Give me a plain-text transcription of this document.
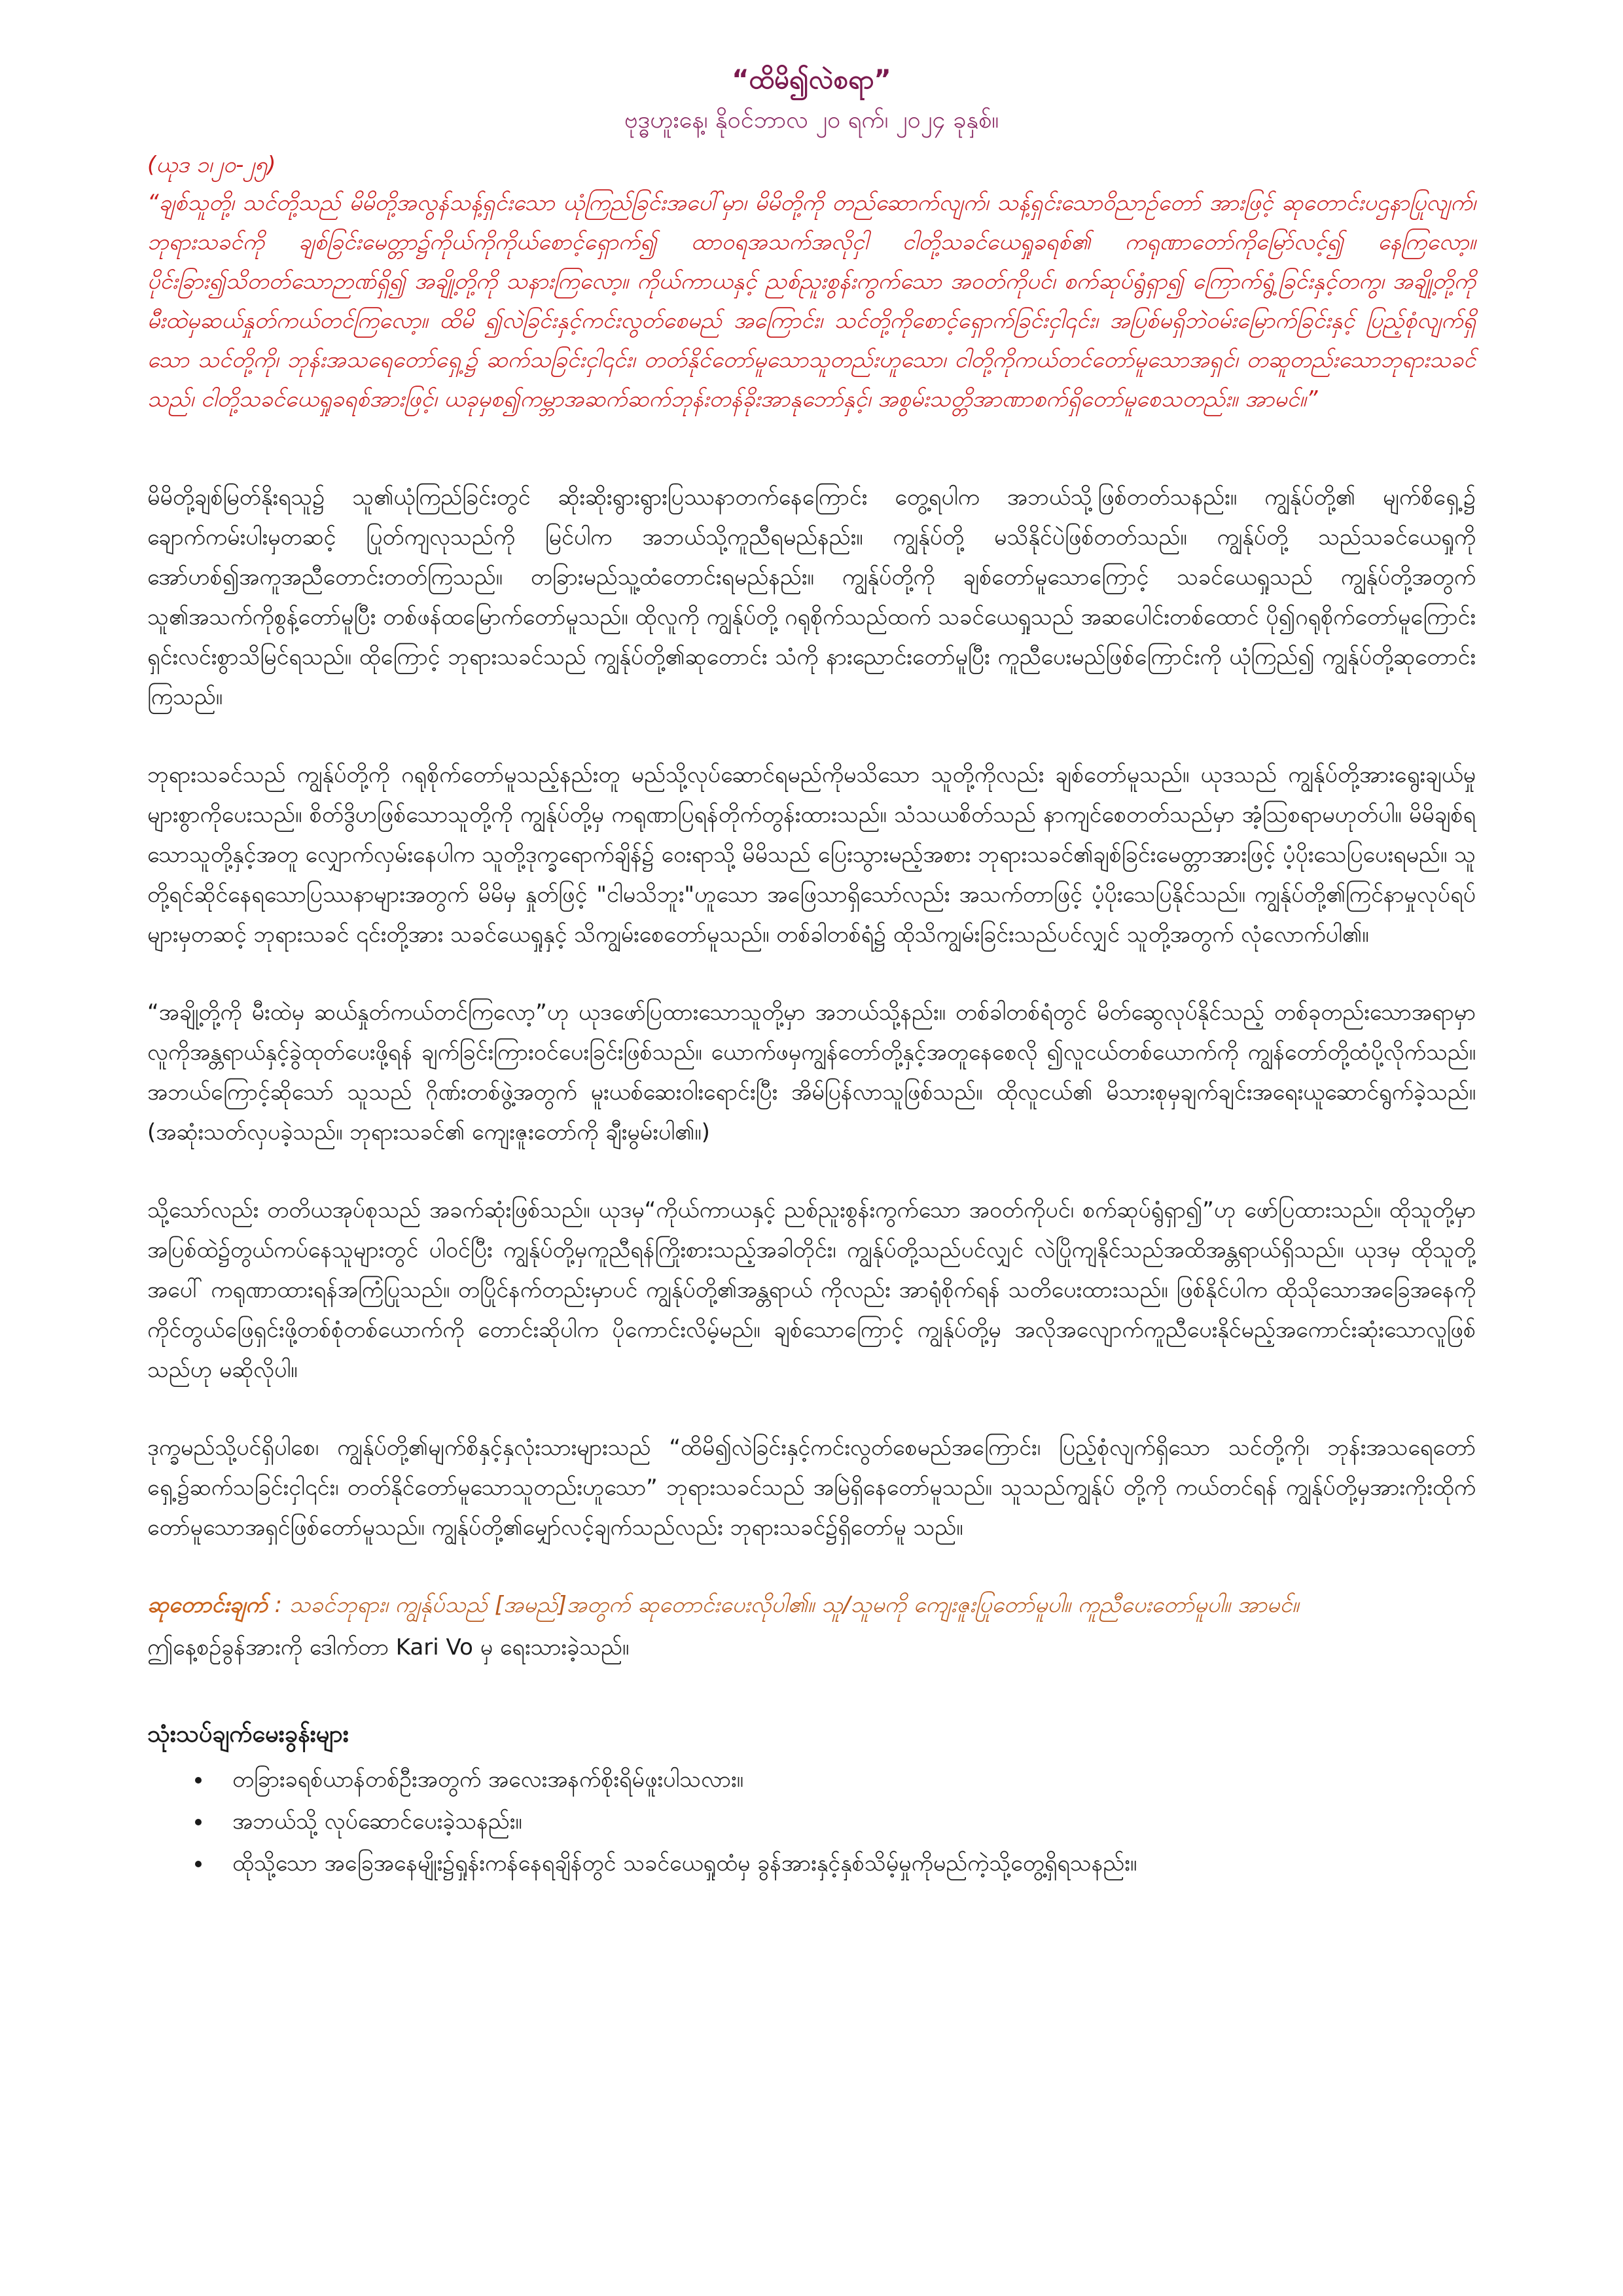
“ထိမိ၍လဲစရာ”
ဗုဒ္ဓဟူးနေ့၊ နိုဝင်ဘာလ ၂၀ ရက်၊ ၂၀၂၄ ခုနှစ်။
(ယုဒ ၁၊၂၀-၂၅)
“ချစ်သူတို့၊ သင်တို့သည် မိမိတို့အလွန်သန့်ရှင်းသော ယုံကြည်ခြင်းအပေါ်မှာ၊ မိမိတို့ကို တည်ဆောက်လျက်၊ သန့်ရှင်းသောဝိညာဉ်တော် အားဖြင့် ဆုတောင်းပဌနာပြုလျက်၊ ဘုရားသခင်ကို ချစ်ခြင်းမေတ္တာ၌ကိုယ်ကိုကိုယ်စောင့်ရှောက်၍ ထာဝရအသက်အလိုငှါ ငါတို့သခင်ယေရှုခရစ်၏ ကရုဏာတော်ကိုမြော်လင့်၍ နေကြလော့။ ပိုင်းခြား၍သိတတ်သောဉာဏ်ရှိ၍ အချို့တို့ကို သနားကြလော့။ ကိုယ်ကာယနှင့် ညစ်ညူးစွန်းကွက်သော အဝတ်ကိုပင်၊ စက်ဆုပ်ရွံရှာ၍ ကြောက်ရွံ့ခြင်းနှင့်တကွ၊ အချို့တို့ကို မီးထဲမှဆယ်နှုတ်ကယ်တင်ကြလော့။ ထိမိ ၍လဲခြင်းနှင့်ကင်းလွတ်စေမည် အကြောင်း၊ သင်တို့ကိုစောင့်ရှောက်ခြင်းငှါ၎င်း၊ အပြစ်မရှိဘဲဝမ်းမြောက်ခြင်းနှင့် ပြည့်စုံလျက်ရှိသော သင်တို့ကို၊ ဘုန်းအသရေတော်ရှေ့၌ ဆက်သခြင်းငှါ၎င်း၊ တတ်နိုင်တော်မူသောသူတည်းဟူသော၊ ငါတို့ကိုကယ်တင်တော်မူသောအရှင်၊ တဆူတည်းသောဘုရားသခင်သည်၊ ငါတို့သခင်ယေရှုခရစ်အားဖြင့်၊ ယခုမှစ၍ကမ္ဘာအဆက်ဆက်ဘုန်းတန်ခိုးအာနုဘော်နှင့်၊ အစွမ်းသတ္တိအာဏာစက်ရှိတော်မူစေသတည်း။ အာမင်။”

မိမိတို့ချစ်မြတ်နိုးရသူ၌ သူ၏ယုံကြည်ခြင်းတွင် ဆိုးဆိုးရွားရွားပြဿနာတက်နေကြောင်း တွေ့ရပါက အဘယ်သို့ဖြစ်တတ်သနည်း။ ကျွန်ုပ်တို့၏ မျက်စိရှေ့၌ ချောက်ကမ်းပါးမှတဆင့် ပြုတ်ကျလုသည်ကို မြင်ပါက အဘယ်သို့ကူညီရမည်နည်း။ ကျွန်ုပ်တို့ မသိနိုင်ပဲဖြစ်တတ်သည်။ ကျွန်ုပ်တို့ သည်သခင်ယေရှုကိုအော်ဟစ်၍အကူအညီတောင်းတတ်ကြသည်။ တခြားမည်သူ့ထံတောင်းရမည်နည်း။ ကျွန်ုပ်တို့ကို ချစ်တော်မူသောကြောင့် သခင်ယေရှုသည် ကျွန်ုပ်တို့အတွက် သူ၏အသက်ကိုစွန့်တော်မူပြီး တစ်ဖန်ထမြောက်တော်မူသည်။ ထိုလူကို ကျွန်ုပ်တို့ ဂရုစိုက်သည်ထက် သခင်ယေရှုသည် အဆပေါင်းတစ်ထောင် ပို၍ဂရုစိုက်တော်မူကြောင်း ရှင်းလင်းစွာသိမြင်ရသည်။ ထိုကြောင့် ဘုရားသခင်သည် ကျွန်ုပ်တို့၏ဆုတောင်း သံကို နားညောင်းတော်မူပြီး ကူညီပေးမည်ဖြစ်ကြောင်းကို ယုံကြည်၍ ကျွန်ုပ်တို့ဆုတောင်းကြသည်။

ဘုရားသခင်သည် ကျွန်ုပ်တို့ကို ဂရုစိုက်တော်မူသည့်နည်းတူ မည်သို့လုပ်ဆောင်ရမည်ကိုမသိသော သူတို့ကိုလည်း ချစ်တော်မူသည်။ ယုဒသည် ကျွန်ုပ်တို့အားရွေးချယ်မှုများစွာကိုပေးသည်။ စိတ်ဒွိဟဖြစ်သောသူတို့ကို ကျွန်ုပ်တို့မှ ကရုဏာပြရန်တိုက်တွန်းထားသည်။ သံသယစိတ်သည် နာကျင်စေတတ်သည်မှာ အံ့သြစရာမဟုတ်ပါ။ မိမိချစ်ရသောသူတို့နှင့်အတူ လျှောက်လှမ်းနေပါက သူတို့ဒုက္ခရောက်ချိန်၌ ဝေးရာသို့ မိမိသည် ပြေးသွားမည့်အစား ဘုရားသခင်၏ချစ်ခြင်းမေတ္တာအားဖြင့် ပံ့ပိုးသေပြပေးရမည်။ သူတို့ရင်ဆိုင်နေရသောပြဿနာများအတွက် မိမိမှ နှုတ်ဖြင့် "ငါမသိဘူး"ဟူသော အဖြေသာရှိသော်လည်း အသက်တာဖြင့် ပံ့ပိုးသေပြနိုင်သည်။ ကျွန်ုပ်တို့၏ကြင်နာမှုလုပ်ရပ်များမှတဆင့် ဘုရားသခင် ၎င်းတို့အား သခင်ယေရှုနှင့် သိကျွမ်းစေတော်မူသည်။ တစ်ခါတစ်ရံ၌ ထိုသိကျွမ်းခြင်းသည်ပင်လျှင် သူတို့အတွက် လုံလောက်ပါ၏။

“အချို့တို့ကို မီးထဲမှ ဆယ်နှုတ်ကယ်တင်ကြလော့”ဟု ယုဒဖော်ပြထားသောသူတို့မှာ အဘယ်သို့နည်း။ တစ်ခါတစ်ရံတွင် မိတ်ဆွေလုပ်နိုင်သည့် တစ်ခုတည်းသောအရာမှာ လူကိုအန္တရာယ်နှင့်ခွဲထုတ်ပေးဖို့ရန် ချက်ခြင်းကြားဝင်ပေးခြင်းဖြစ်သည်။ ယောက်ဖမှကျွန်တော်တို့နှင့်အတူနေစေလို ၍လူငယ်တစ်ယောက်ကို ကျွန်တော်တို့ထံပို့လိုက်သည်။ အဘယ်ကြောင့်ဆိုသော် သူသည် ဂိုဏ်းတစ်ဖွဲ့အတွက် မူးယစ်ဆေးဝါးရောင်းပြီး အိမ်ပြန်လာသူဖြစ်သည်။ ထိုလူငယ်၏ မိသားစုမှချက်ချင်းအရေးယူဆောင်ရွက်ခဲ့သည်။ (အဆုံးသတ်လှပခဲ့သည်။ ဘုရားသခင်၏ ကျေးဇူးတော်ကို ချီးမွမ်းပါ၏။)

သို့သော်လည်း တတိယအုပ်စုသည် အခက်ဆုံးဖြစ်သည်။ ယုဒမှ“ကိုယ်ကာယနှင့် ညစ်ညူးစွန်းကွက်သော အဝတ်ကိုပင်၊ စက်ဆုပ်ရွံရှာ၍”ဟု ဖော်ပြထားသည်။ ထိုသူတို့မှာ အပြစ်ထဲ၌တွယ်ကပ်နေသူများတွင် ပါဝင်ပြီး ကျွန်ုပ်တို့မှကူညီရန်ကြိုးစားသည့်အခါတိုင်း၊ ကျွန်ုပ်တို့သည်ပင်လျှင် လဲပြိုကျနိုင်သည်အထိအန္တရာယ်ရှိသည်။ ယုဒမှ ထိုသူတို့အပေါ် ကရုဏာထားရန်အကြံပြုသည်။ တပြိုင်နက်တည်းမှာပင် ကျွန်ုပ်တို့၏အန္တရာယ် ကိုလည်း အာရုံစိုက်ရန် သတိပေးထားသည်။ ဖြစ်နိုင်ပါက ထိုသိုသောအခြေအနေကို ကိုင်တွယ်ဖြေရှင်းဖို့တစ်စုံတစ်ယောက်ကို တောင်းဆိုပါက ပိုကောင်းလိမ့်မည်။ ချစ်သောကြောင့် ကျွန်ုပ်တို့မှ အလိုအလျောက်ကူညီပေးနိုင်မည့်အကောင်းဆုံးသောလူဖြစ်သည်ဟု မဆိုလိုပါ။

ဒုက္ခမည်သို့ပင်ရှိပါစေ၊ ကျွန်ုပ်တို့၏မျက်စိနှင့်နှလုံးသားများသည် “ထိမိ၍လဲခြင်းနှင့်ကင်းလွတ်စေမည်အကြောင်း၊ ပြည့်စုံလျက်ရှိသော သင်တို့ကို၊ ဘုန်းအသရေတော်ရှေ့၌ဆက်သခြင်းငှါ၎င်း၊ တတ်နိုင်တော်မူသောသူတည်းဟူသော” ဘုရားသခင်သည် အမြဲရှိနေတော်မူသည်။ သူသည်ကျွန်ုပ် တို့ကို ကယ်တင်ရန် ကျွန်ုပ်တို့မှအားကိုးထိုက်တော်မူသောအရှင်ဖြစ်တော်မူသည်။ ကျွန်ုပ်တို့၏မျှော်လင့်ချက်သည်လည်း ဘုရားသခင်၌ရှိတော်မူ သည်။

ဆုတောင်းချက် : သခင်ဘုရား၊ ကျွန်ုပ်သည် [အမည်]အတွက် ဆုတောင်းပေးလိုပါ၏။ သူ/သူမကို ကျေးဇူးပြုတော်မူပါ။ ကူညီပေးတော်မူပါ။ အာမင်။
ဤနေ့စဉ်ခွန်အားကို ဒေါက်တာ Kari Vo မှ ရေးသားခဲ့သည်။
သုံးသပ်ချက်မေးခွန်းများ
• တခြားခရစ်ယာန်တစ်ဦးအတွက် အလေးအနက်စိုးရိမ်ဖူးပါသလား။
• အဘယ်သို့ လုပ်ဆောင်ပေးခဲ့သနည်း။
• ထိုသို့သော အခြေအနေမျိုး၌ရှုန်းကန်နေရချိန်တွင် သခင်ယေရှုထံမှ ခွန်အားနှင့်နှစ်သိမ့်မှုကိုမည်ကဲ့သို့တွေ့ရှိရသနည်း။
